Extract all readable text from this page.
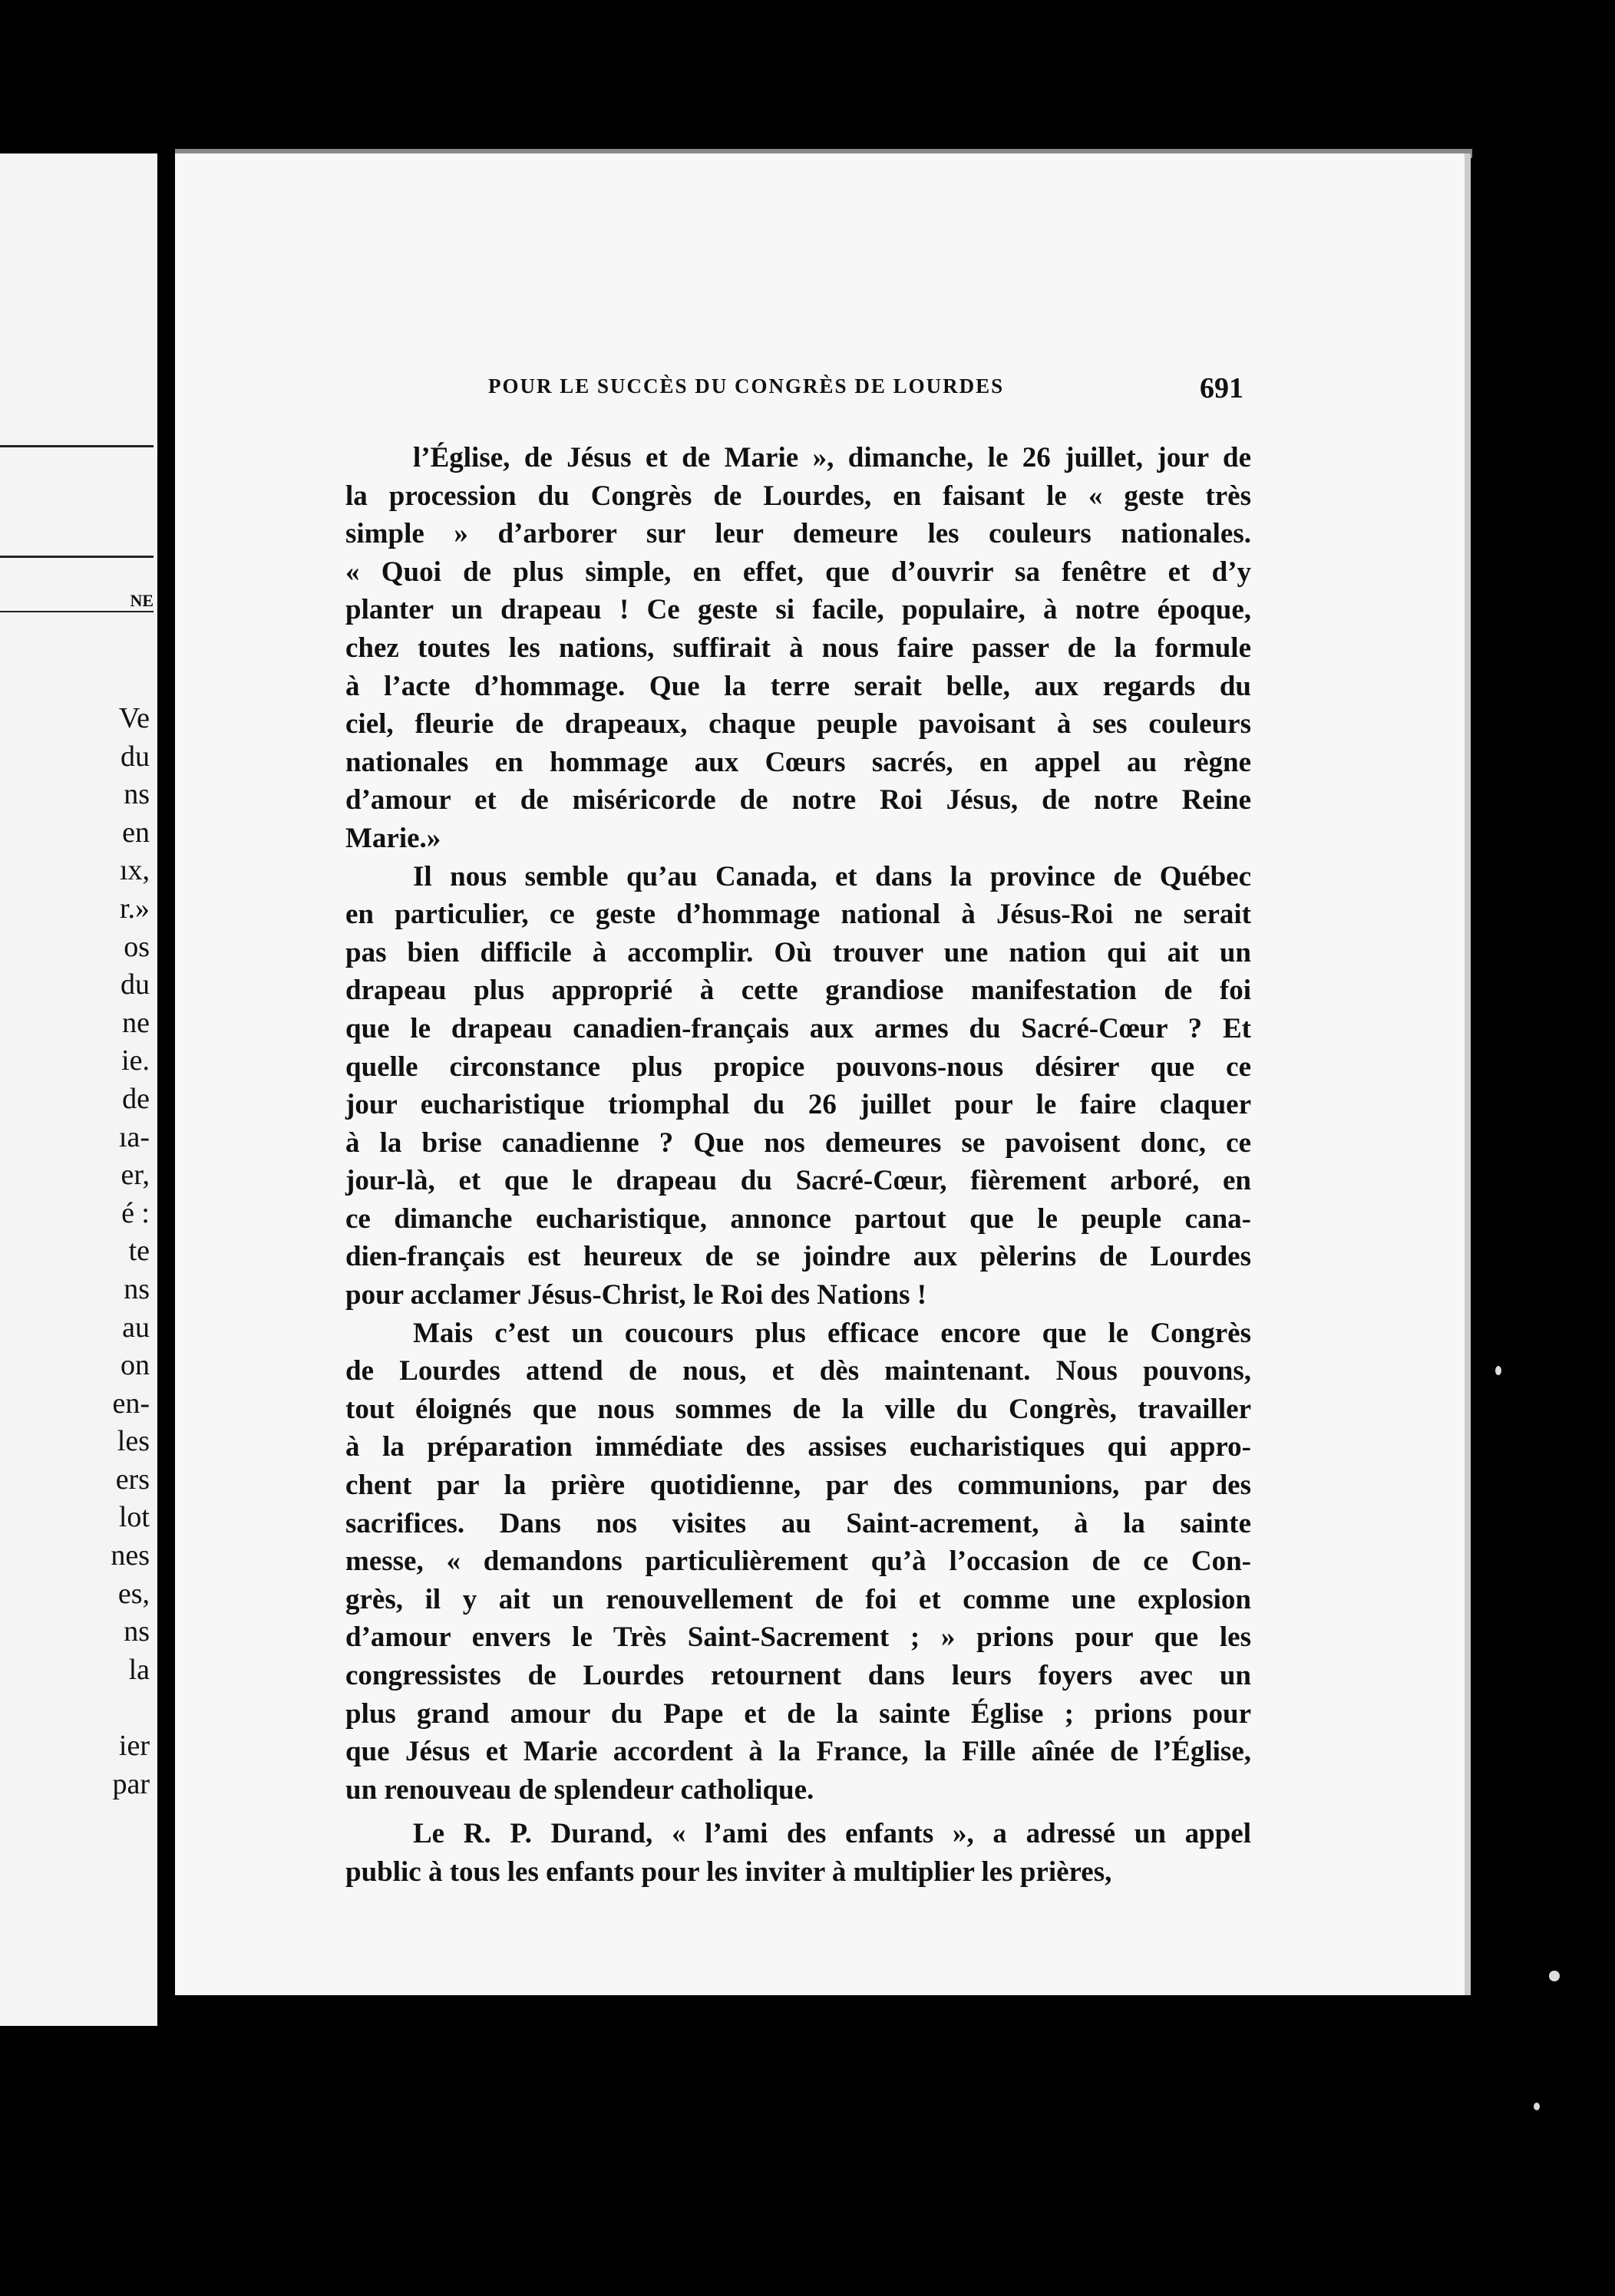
NE
Ve
du
ns
en
ıx,
r.»
os
du
ne
ie.
de
ıa-
er,
é :
te
ns
au
on
en-
les
ers
lot
nes
es,
ns
la
ier
par
POUR LE SUCCÈS DU CONGRÈS DE LOURDES	691

l’Église, de Jésus et de Marie », dimanche, le 26 juillet, jour de
la procession du Congrès de Lourdes, en faisant le « geste très
simple » d’arborer sur leur demeure les couleurs nationales.
« Quoi de plus simple, en effet, que d’ouvrir sa fenêtre et d’y
planter un drapeau ! Ce geste si facile, populaire, à notre époque,
chez toutes les nations, suffirait à nous faire passer de la formule
à l’acte d’hommage. Que la terre serait belle, aux regards du
ciel, fleurie de drapeaux, chaque peuple pavoisant à ses couleurs
nationales en hommage aux Cœurs sacrés, en appel au règne
d’amour et de miséricorde de notre Roi Jésus, de notre Reine
Marie.»

Il nous semble qu’au Canada, et dans la province de Québec
en particulier, ce geste d’hommage national à Jésus-Roi ne serait
pas bien difficile à accomplir. Où trouver une nation qui ait un
drapeau plus approprié à cette grandiose manifestation de foi
que le drapeau canadien-français aux armes du Sacré-Cœur ? Et
quelle circonstance plus propice pouvons-nous désirer que ce
jour eucharistique triomphal du 26 juillet pour le faire claquer
à la brise canadienne ? Que nos demeures se pavoisent donc, ce
jour-là, et que le drapeau du Sacré-Cœur, fièrement arboré, en
ce dimanche eucharistique, annonce partout que le peuple cana-
dien-français est heureux de se joindre aux pèlerins de Lourdes
pour acclamer Jésus-Christ, le Roi des Nations !

Mais c’est un coucours plus efficace encore que le Congrès
de Lourdes attend de nous, et dès maintenant. Nous pouvons,
tout éloignés que nous sommes de la ville du Congrès, travailler
à la préparation immédiate des assises eucharistiques qui appro-
chent par la prière quotidienne, par des communions, par des
sacrifices. Dans nos visites au Saint-acrement, à la sainte
messe, « demandons particulièrement qu’à l’occasion de ce Con-
grès, il y ait un renouvellement de foi et comme une explosion
d’amour envers le Très Saint-Sacrement ; » prions pour que les
congressistes de Lourdes retournent dans leurs foyers avec un
plus grand amour du Pape et de la sainte Église ; prions pour
que Jésus et Marie accordent à la France, la Fille aînée de l’Église,
un renouveau de splendeur catholique.

Le R. P. Durand, « l’ami des enfants », a adressé un appel
public à tous les enfants pour les inviter à multiplier les prières,
